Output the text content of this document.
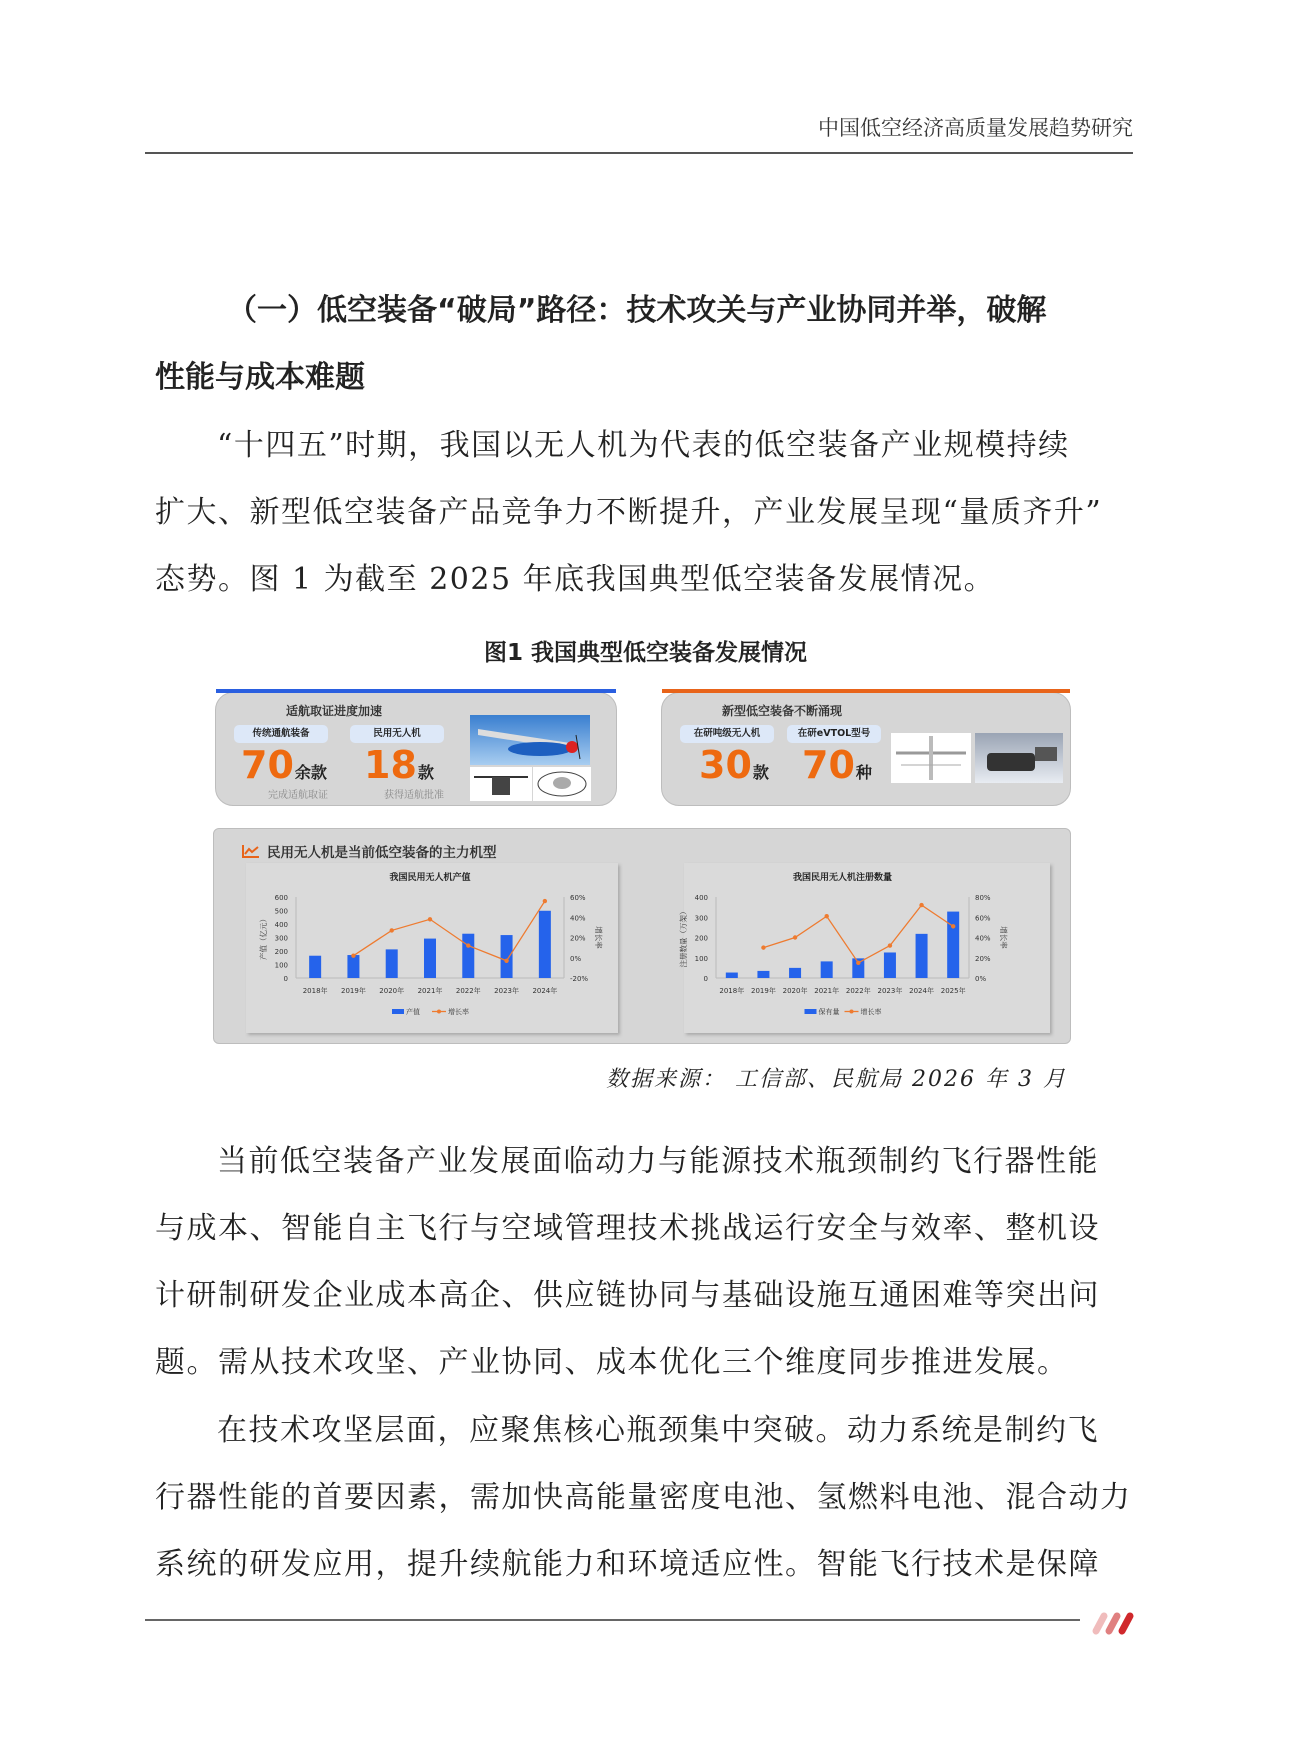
中国低空经济高质量发展趋势研究
（一）低空装备“破局”路径：技术攻关与产业协同并举，破解
性能与成本难题
“十四五”时期，我国以无人机为代表的低空装备产业规模持续
扩大、新型低空装备产品竞争力不断提升，产业发展呈现“量质齐升”
态势。图 1 为截至 2025 年底我国典型低空装备发展情况。
图1 我国典型低空装备发展情况
适航取证进度加速
传统通航装备	民用无人机
70余款 18款
完成适航取证	获得适航批准
新型低空装备不断涌现
在研吨级无人机	在研eVTOL型号
30款 70种
民用无人机是当前低空装备的主力机型
我国民用无人机产值
0
100
200
300
400
500
600
-20%
0%
20%
40%
60%
产值（亿元）	增长率
2018年 2019年 2020年 2021年 2022年 2023年 2024年
产值	增长率
我国民用无人机注册数量
0
100
200
300
400
0%
20%
40%
60%
80%
注册数量（万架）	增长率
2018年 2019年 2020年 2021年 2022年 2023年 2024年 2025年
保有量	增长率
数据来源： 工信部、民航局 2026 年 3 月
当前低空装备产业发展面临动力与能源技术瓶颈制约飞行器性能
与成本、智能自主飞行与空域管理技术挑战运行安全与效率、整机设
计研制研发企业成本高企、供应链协同与基础设施互通困难等突出问
题。需从技术攻坚、产业协同、成本优化三个维度同步推进发展。
在技术攻坚层面，应聚焦核心瓶颈集中突破。动力系统是制约飞
行器性能的首要因素，需加快高能量密度电池、氢燃料电池、混合动力
系统的研发应用，提升续航能力和环境适应性。智能飞行技术是保障
